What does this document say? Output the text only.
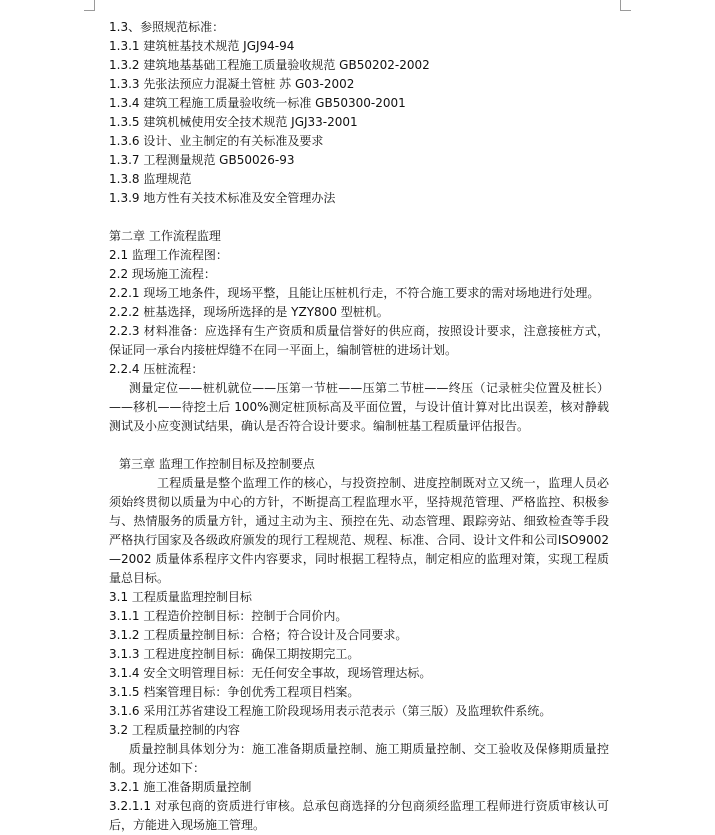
1.3、参照规范标准：

1.3.1 建筑桩基技术规范 JGJ94-94

1.3.2 建筑地基基础工程施工质量验收规范 GB50202-2002

1.3.3 先张法预应力混凝土管桩 苏 G03-2002

1.3.4 建筑工程施工质量验收统一标准 GB50300-2001

1.3.5 建筑机械使用安全技术规范 JGJ33-2001

1.3.6 设计、业主制定的有关标准及要求

1.3.7 工程测量规范 GB50026-93

1.3.8 监理规范

1.3.9 地方性有关技术标准及安全管理办法

第二章 工作流程监理

2.1 监理工作流程图：

2.2 现场施工流程：

2.2.1 现场工地条件，现场平整，且能让压桩机行走，不符合施工要求的需对场地进行处理。

2.2.2 桩基选择，现场所选择的是 YZY800 型桩机。

2.2.3 材料准备：应选择有生产资质和质量信誉好的供应商，按照设计要求，注意接桩方式，保证同一承台内接桩焊缝不在同一平面上，编制管桩的进场计划。

2.2.4 压桩流程：

测量定位——桩机就位——压第一节桩——压第二节桩——终压（记录桩尖位置及桩长）——移机——待挖土后 100%测定桩顶标高及平面位置，与设计值计算对比出误差，核对静载测试及小应变测试结果，确认是否符合设计要求。编制桩基工程质量评估报告。

第三章 监理工作控制目标及控制要点

工程质量是整个监理工作的核心，与投资控制、进度控制既对立又统一，监理人员必须始终贯彻以质量为中心的方针，不断提高工程监理水平，坚持规范管理、严格监控、积极参与、热情服务的质量方针，通过主动为主、预控在先、动态管理、跟踪旁站、细致检查等手段严格执行国家及各级政府颁发的现行工程规范、规程、标准、合同、设计文件和公司ISO9002—2002 质量体系程序文件内容要求，同时根据工程特点，制定相应的监理对策，实现工程质量总目标。

3.1 工程质量监理控制目标

3.1.1 工程造价控制目标：控制于合同价内。

3.1.2 工程质量控制目标：合格；符合设计及合同要求。

3.1.3 工程进度控制目标：确保工期按期完工。

3.1.4 安全文明管理目标：无任何安全事故，现场管理达标。

3.1.5 档案管理目标：争创优秀工程项目档案。

3.1.6 采用江苏省建设工程施工阶段现场用表示范表示（第三版）及监理软件系统。

3.2 工程质量控制的内容

质量控制具体划分为：施工准备期质量控制、施工期质量控制、交工验收及保修期质量控制。现分述如下：

3.2.1 施工准备期质量控制

3.2.1.1 对承包商的资质进行审核。总承包商选择的分包商须经监理工程师进行资质审核认可后，方能进入现场施工管理。
